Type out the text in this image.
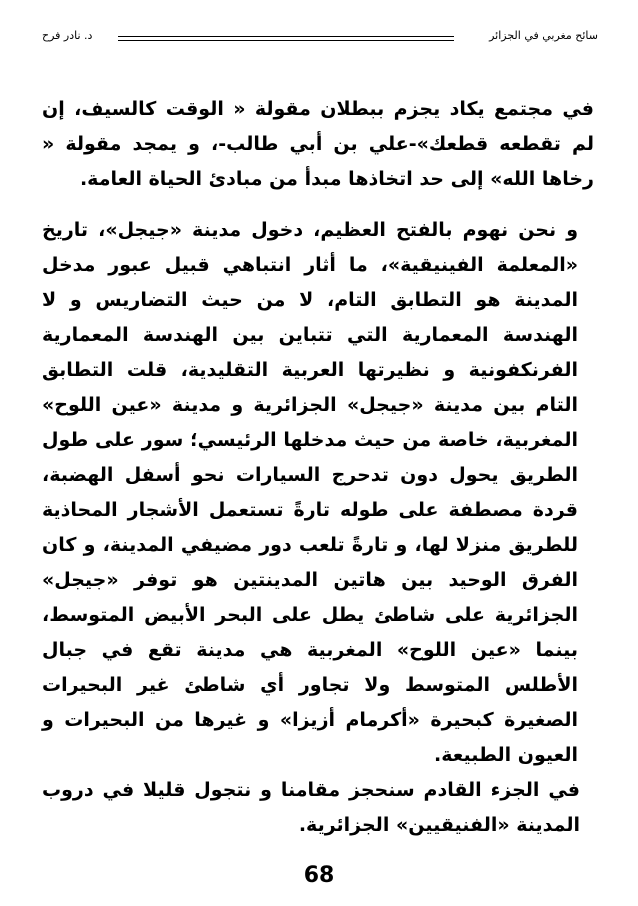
د. نادر فرح	سائح مغربي في الجزائر

في مجتمع يكاد يجزم ببطلان مقولة « الوقت كالسيف، إن لم تقطعه قطعك»-علي بن أبي طالب-، و يمجد مقولة « رخاها الله» إلى حد اتخاذها مبدأ من مبادئ الحياة العامة.

و نحن نهوم بالفتح العظيم، دخول مدينة «جيجل»، تاريخ «المعلمة الفينيقية»، ما أثار انتباهي قبيل عبور مدخل المدينة هو التطابق التام، لا من حيث التضاريس و لا الهندسة المعمارية التي تتباين بين الهندسة المعمارية الفرنكفونية و نظيرتها العربية التقليدية، قلت التطابق التام بين مدينة «جيجل» الجزائرية و مدينة «عين اللوح» المغربية، خاصة من حيث مدخلها الرئيسي؛ سور على طول الطريق يحول دون تدحرج السيارات نحو أسفل الهضبة، قردة مصطفة على طوله تارةً تستعمل الأشجار المحاذية للطريق منزلا لها، و تارةً تلعب دور مضيفي المدينة، و كان الفرق الوحيد بين هاتين المدينتين هو توفر «جيجل» الجزائرية على شاطئ يطل على البحر الأبيض المتوسط، بينما «عين اللوح» المغربية هي مدينة تقع في جبال الأطلس المتوسط ولا تجاور أي شاطئ غير البحيرات الصغيرة كبحيرة «أكرمام أزيزا» و غيرها من البحيرات و العيون الطبيعة.

في الجزء القادم سنحجز مقامنا و نتجول قليلا في دروب المدينة «الفنيقيين» الجزائرية.

68
